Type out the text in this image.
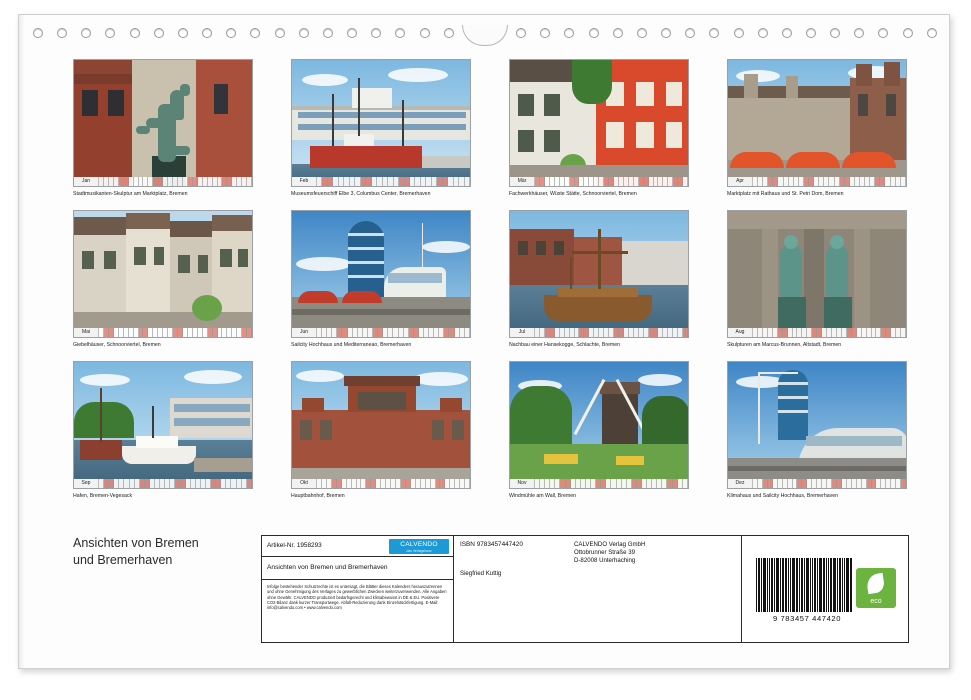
Jan
Stadtmusikanten-Skulptur am Marktplatz, Bremen
Feb
Museumsfeuerschiff Elbe 3, Columbus Center, Bremerhaven
Mär
Fachwerkhäuser, Wüste Stätte, Schnoorviertel, Bremen
Apr
Marktplatz mit Rathaus und St. Petri Dom, Bremen
Mai
Giebelhäuser, Schnoorviertel, Bremen
Jun
Sailcity Hochhaus und Mediterraneao, Bremerhaven
Jul
Nachbau einer Hansekogge, Schlachte, Bremen
Aug
Skulpturen am Marcus-Brunnen, Altstadt, Bremen
Sep
Hafen, Bremen-Vegesack
Okt
Hauptbahnhof, Bremen
Nov
Windmühle am Wall, Bremen
Dez
Klimahaus und Sailcity Hochhaus, Bremerhaven
Ansichten von Bremen
und Bremerhaven
Artikel-Nr. 1958293	CALVENDO
das Verlagshaus
Ansichten von Bremen und Bremerhaven
Infolge bestehender Schutzrechte ist es untersagt, die Blätter dieses Kalenders herauszutrennen und ohne Genehmigung des Verlages zu gewerblichen Zwecken weiterzuverwenden. Alle Angaben ohne Gewähr. CALVENDO produziert bedarfsgerecht und klimabewusst in DE & EU. Positivere CO2-Bilanz dank kurzer Transportwege. Abfall-Reduzierung dank Einzelstückfertigung. E-Mail: info@calvendo.com • www.calvendo.com
ISBN 9783457447420	CALVENDO Verlag GmbH
Ottobrunner Straße 39
D-82008 Unterhaching
Siegfried Kuttig
9 783457 447420
eco
